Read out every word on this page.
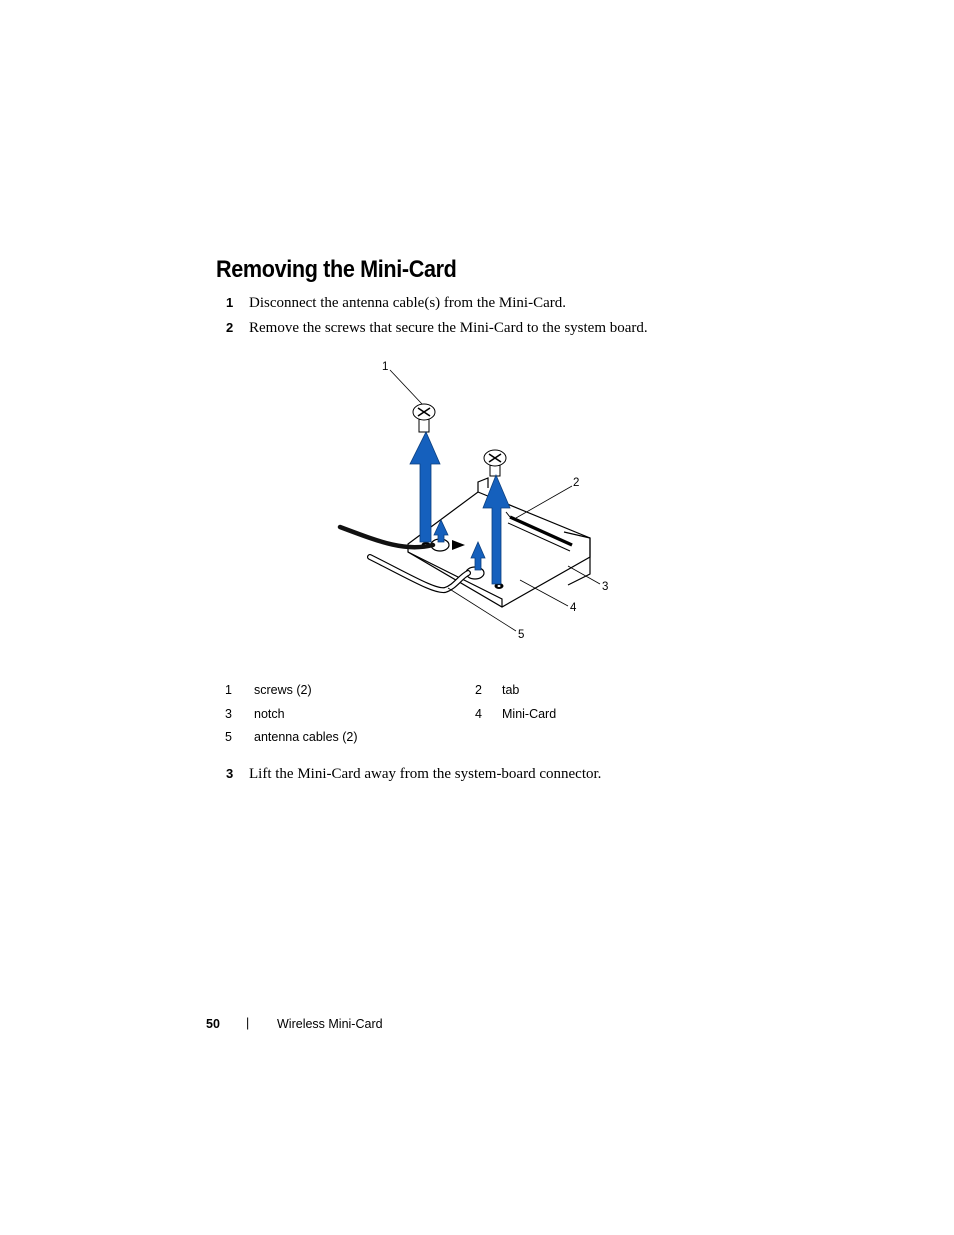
Removing the Mini-Card
1 Disconnect the antenna cable(s) from the Mini-Card.
2 Remove the screws that secure the Mini-Card to the system board.
1
2
3
4
5
1 screws (2)	2 tab
3 notch	4 Mini-Card
5 antenna cables (2)
3 Lift the Mini-Card away from the system-board connector.
50 | Wireless Mini-Card
